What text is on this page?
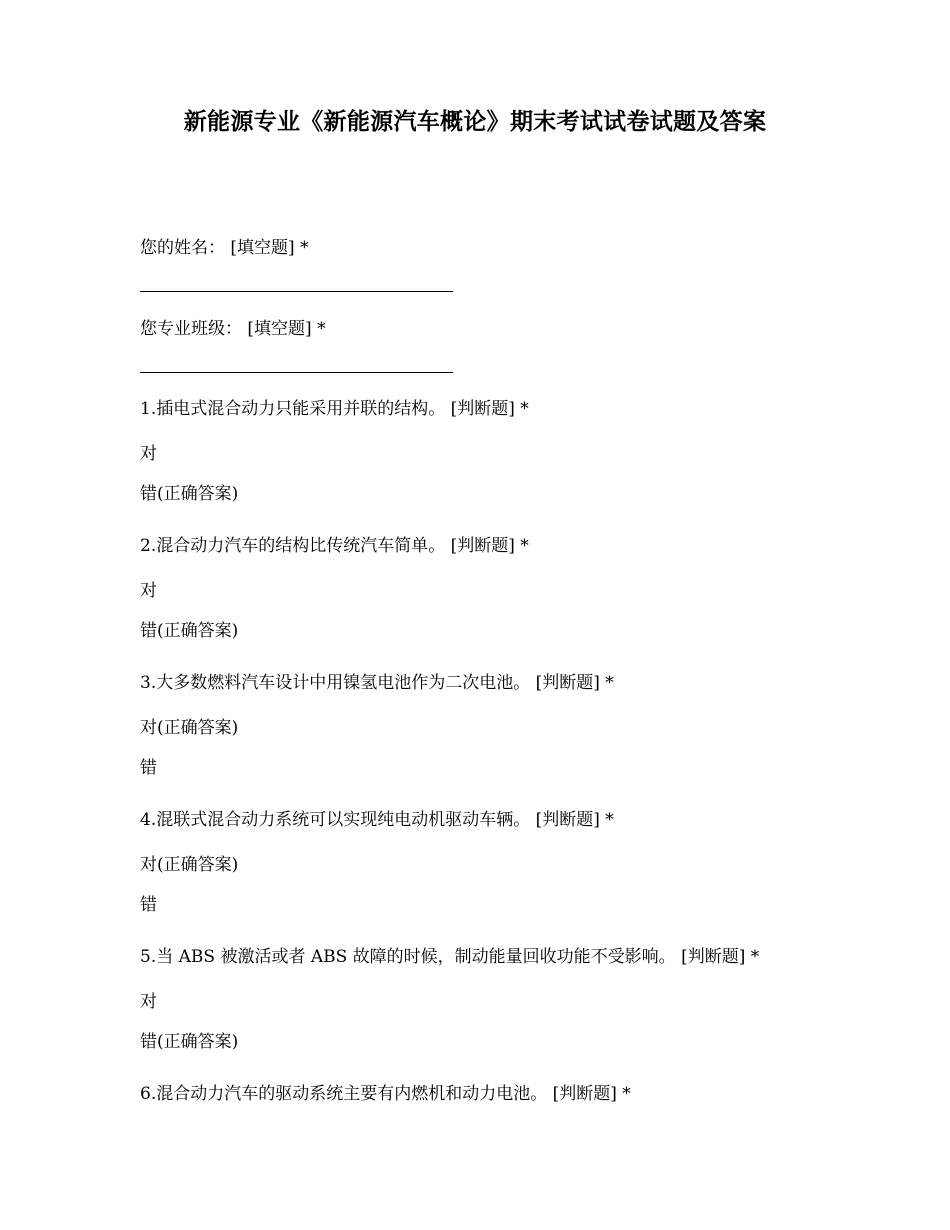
新能源专业《新能源汽车概论》期末考试试卷试题及答案
您的姓名： [填空题] *
您专业班级： [填空题] *
1.插电式混合动力只能采用并联的结构。 [判断题] *
对
错(正确答案)
2.混合动力汽车的结构比传统汽车简单。 [判断题] *
对
错(正确答案)
3.大多数燃料汽车设计中用镍氢电池作为二次电池。 [判断题] *
对(正确答案)
错
4.混联式混合动力系统可以实现纯电动机驱动车辆。 [判断题] *
对(正确答案)
错
5.当 ABS 被激活或者 ABS 故障的时候，制动能量回收功能不受影响。 [判断题] *
对
错(正确答案)
6.混合动力汽车的驱动系统主要有内燃机和动力电池。 [判断题] *
